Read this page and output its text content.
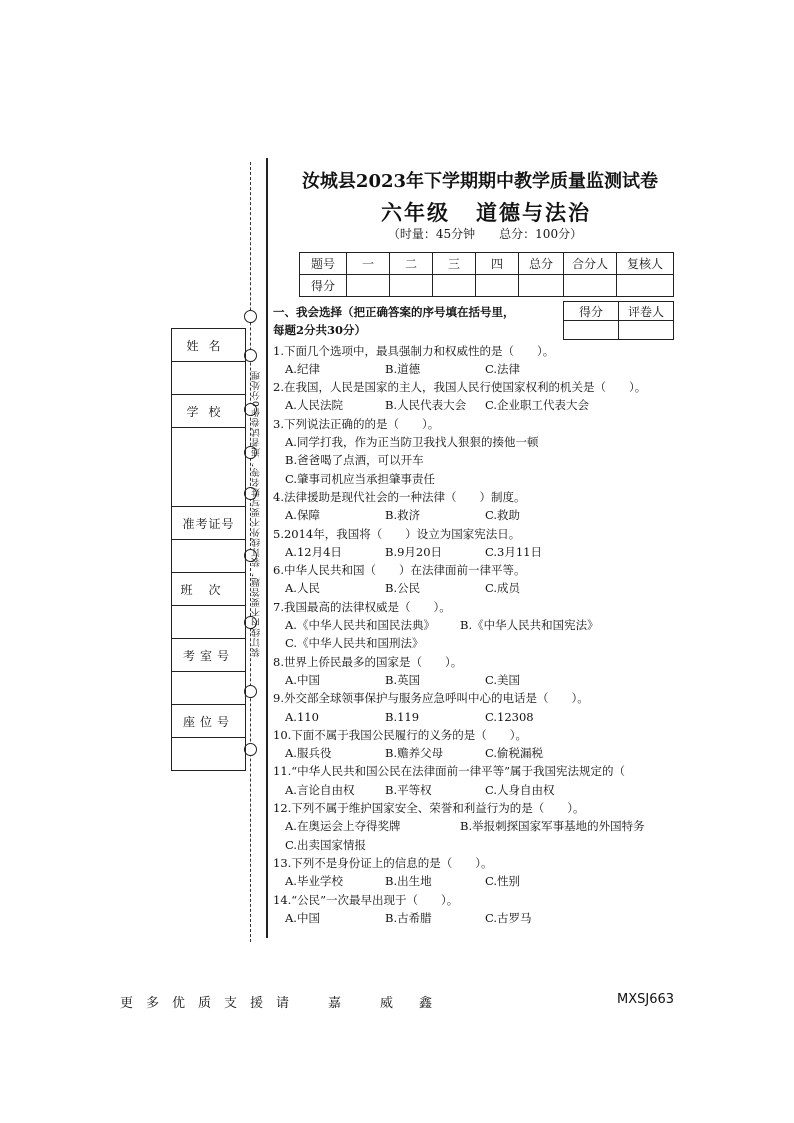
装订线内不要答题，装订线外不要写姓名等，违者试卷作0分处理
姓名

学校

准考证号

班次

考室号

座位号

汝城县2023年下学期期中教学质量监测试卷
六年级 道德与法治
（时量：45分钟　　总分：100分）
题号	一	二	三	四	总分	合分人	复核人
得分							
得分	评卷人

一、我会选择（把正确答案的序号填在括号里，
每题2分共30分）
1.下面几个选项中，最具强制力和权威性的是（　　）。
A.纪律	B.道德	C.法律
2.在我国，人民是国家的主人，我国人民行使国家权利的机关是（　　）。
A.人民法院	B.人民代表大会 C.企业职工代表大会
3.下列说法正确的的是（　　）。
A.同学打我，作为正当防卫我找人狠狠的揍他一顿
B.爸爸喝了点酒，可以开车
C.肇事司机应当承担肇事责任
4.法律援助是现代社会的一种法律（　　）制度。
A.保障	B.救济	C.救助
5.2014年，我国将（　　）设立为国家宪法日。
A.12月4日	B.9月20日	C.3月11日
6.中华人民共和国（　　）在法律面前一律平等。
A.人民	B.公民	C.成员
7.我国最高的法律权威是（　　）。
A.《中华人民共和国民法典》 B.《中华人民共和国宪法》
C.《中华人民共和国刑法》
8.世界上侨民最多的国家是（　　）。
A.中国	B.英国	C.美国
9.外交部全球领事保护与服务应急呼叫中心的电话是（　　）。
A.110	B.119	C.12308
10.下面不属于我国公民履行的义务的是（　　）。
A.服兵役	B.赡养父母	C.偷税漏税
11.“中华人民共和国公民在法律面前一律平等”属于我国宪法规定的（
A.言论自由权	B.平等权	C.人身自由权
12.下列不属于维护国家安全、荣誉和利益行为的是（　　）。
A.在奥运会上夺得奖牌	B.举报刺探国家军事基地的外国特务
C.出卖国家情报
13.下列不是身份证上的信息的是（　　）。
A.毕业学校	B.出生地	C.性别
14.“公民”一次最早出现于（　　）。
A.中国	B.古希腊	C.古罗马
更　多　优　质　支　援　请　　　嘉　　　威　　鑫	MXSJ663
